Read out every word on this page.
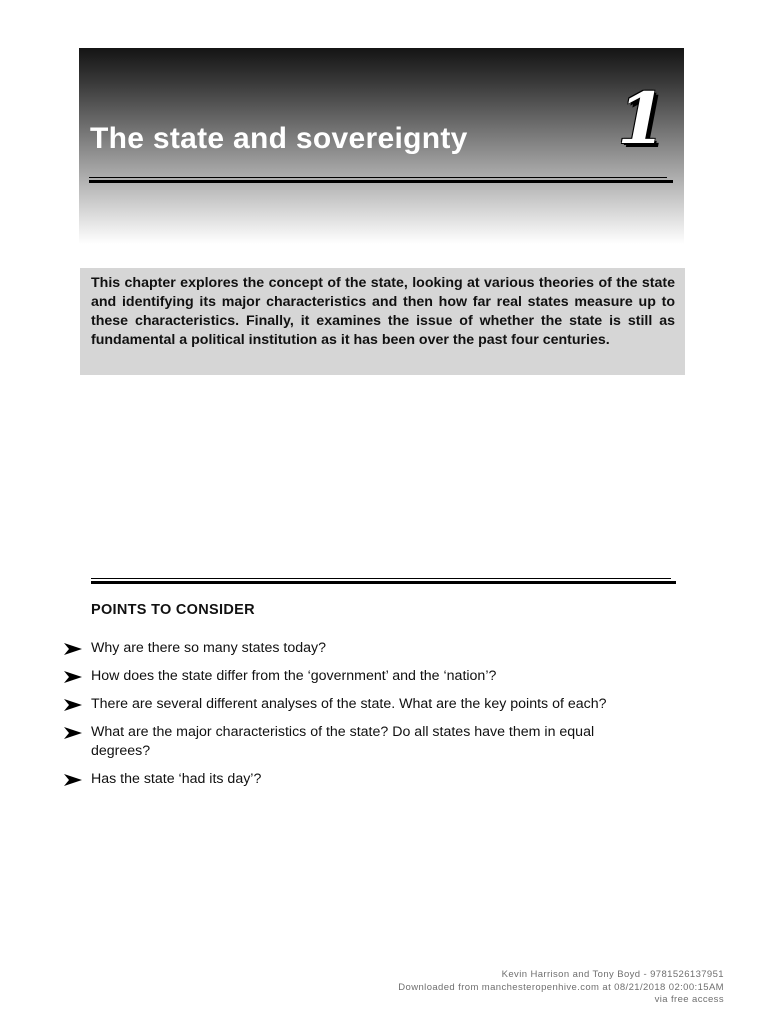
The state and sovereignty 1

This chapter explores the concept of the state, looking at various theories of the state and identifying its major characteristics and then how far real states measure up to these characteristics. Finally, it examines the issue of whether the state is still as fundamental a political institution as it has been over the past four centuries.

POINTS TO CONSIDER
Why are there so many states today?
How does the state differ from the ‘government’ and the ‘nation’?
There are several different analyses of the state. What are the key points of each?
What are the major characteristics of the state? Do all states have them in equal degrees?
Has the state ‘had its day’?
Kevin Harrison and Tony Boyd - 9781526137951
Downloaded from manchesteropenhive.com at 08/21/2018 02:00:15AM
via free access
